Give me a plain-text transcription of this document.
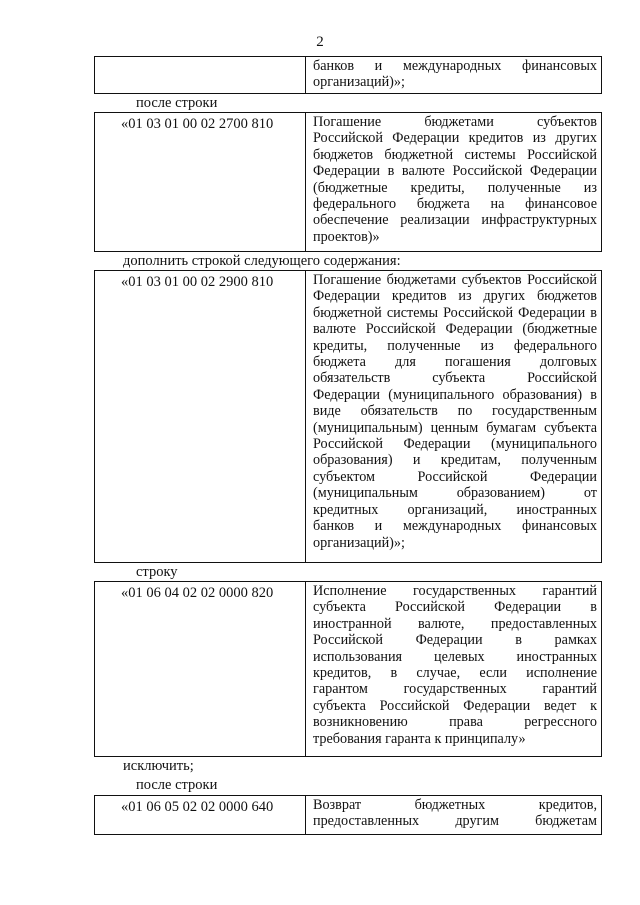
2
банков и международных финансовых
организаций)»;
после строки
«01 03 01 00 02 2700 810	Погашение бюджетами субъектов
Российской Федерации кредитов из других
бюджетов бюджетной системы Российской
Федерации в валюте Российской Федерации
(бюджетные кредиты, полученные из
федерального бюджета на финансовое
обеспечение реализации инфраструктурных
проектов)»
дополнить строкой следующего содержания:
«01 03 01 00 02 2900 810	Погашение бюджетами субъектов Российской
Федерации кредитов из других бюджетов
бюджетной системы Российской Федерации в
валюте Российской Федерации (бюджетные
кредиты, полученные из федерального
бюджета для погашения долговых
обязательств субъекта Российской
Федерации (муниципального образования) в
виде обязательств по государственным
(муниципальным) ценным бумагам субъекта
Российской Федерации (муниципального
образования) и кредитам, полученным
субъектом Российской Федерации
(муниципальным образованием) от
кредитных организаций, иностранных
банков и международных финансовых
организаций)»;
строку
«01 06 04 02 02 0000 820	Исполнение государственных гарантий
субъекта Российской Федерации в
иностранной валюте, предоставленных
Российской Федерации в рамках
использования целевых иностранных
кредитов, в случае, если исполнение
гарантом государственных гарантий
субъекта Российской Федерации ведет к
возникновению права регрессного
требования гаранта к принципалу»
исключить;
после строки
«01 06 05 02 02 0000 640	Возврат бюджетных кредитов,
предоставленных другим бюджетам
